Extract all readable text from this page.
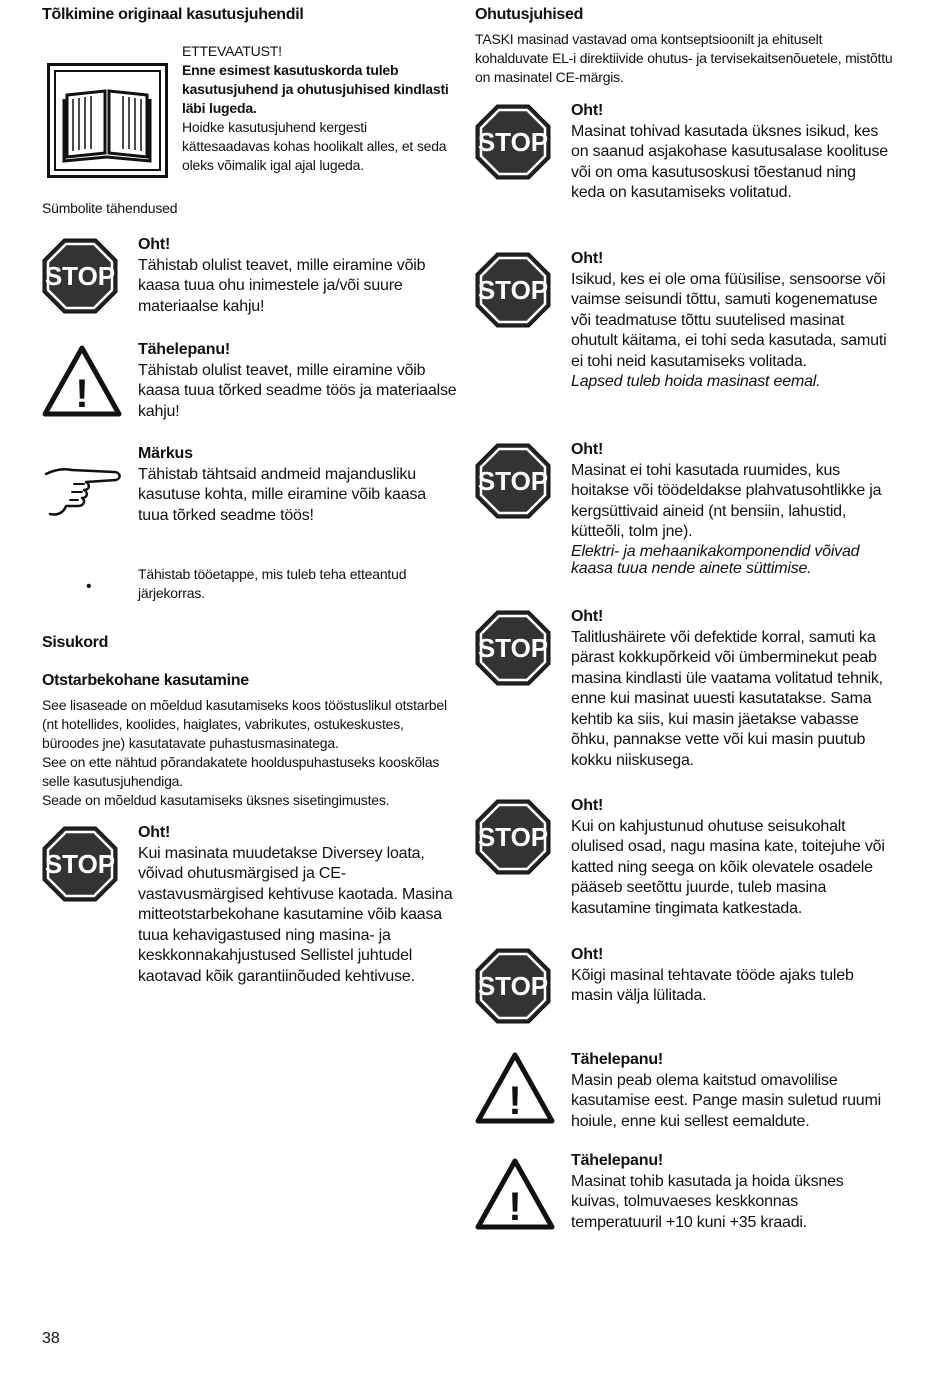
Tõlkimine originaal kasutusjuhendil

ETTEVAATUST!

Enne esimest kasutuskorda tuleb kasutusjuhend ja ohutusjuhised kindlasti läbi lugeda.

Hoidke kasutusjuhend kergesti kättesaadavas kohas hoolikalt alles, et seda oleks võimalik igal ajal lugeda.

Sümbolite tähendused
STOP

Oht!

Tähistab olulist teavet, mille eiramine võib kaasa tuua ohu inimestele ja/või suure materiaalse kahju!

!

Tähelepanu!

Tähistab olulist teavet, mille eiramine võib kaasa tuua tõrked seadme töös ja materiaalse kahju!

Märkus

Tähistab tähtsaid andmeid majandusliku kasutuse kohta, mille eiramine võib kaasa tuua tõrked seadme töös!

•
Tähistab tööetappe, mis tuleb teha etteantud järjekorras.
Sisukord
Otstarbekohane kasutamine

See lisaseade on mõeldud kasutamiseks koos tööstuslikul otstarbel (nt hotellides, koolides, haiglates, vabrikutes, ostukeskustes, büroodes jne) kasutatavate puhastusmasinatega.

See on ette nähtud põrandakatete hoolduspuhastuseks kooskõlas selle kasutusjuhendiga.

Seade on mõeldud kasutamiseks üksnes sisetingimustes.

STOP

Oht!

Kui masinata muudetakse Diversey loata, võivad ohutusmärgised ja CE-vastavusmärgised kehtivuse kaotada. Masina mitteotstarbekohane kasutamine võib kaasa tuua kehavigastused ning masina- ja keskkonnakahjustused Sellistel juhtudel kaotavad kõik garantiinõuded kehtivuse.

38
Ohutusjuhised
TASKI masinad vastavad oma kontseptsioonilt ja ehituselt kohalduvate EL-i direktiivide ohutus- ja tervisekaitsenõuetele, mistõttu on masinatel CE-märgis.
STOP

Oht!

Masinat tohivad kasutada üksnes isikud, kes on saanud asjakohase kasutusalase koolituse või on oma kasutusoskusi tõestanud ning keda on kasutamiseks volitatud.

STOP

Oht!

Isikud, kes ei ole oma füüsilise, sensoorse või vaimse seisundi tõttu, samuti kogenematuse või teadmatuse tõttu suutelised masinat ohutult käitama, ei tohi seda kasutada, samuti ei tohi neid kasutamiseks volitada.

Lapsed tuleb hoida masinast eemal.

STOP

Oht!

Masinat ei tohi kasutada ruumides, kus hoitakse või töödeldakse plahvatusohtlikke ja kergsüttivaid aineid (nt bensiin, lahustid, kütteõli, tolm jne).

Elektri- ja mehaanikakomponendid võivad kaasa tuua nende ainete süttimise.

STOP

Oht!

Talitlushäirete või defektide korral, samuti ka pärast kokkupõrkeid või ümberminekut peab masina kindlasti üle vaatama volitatud tehnik, enne kui masinat uuesti kasutatakse. Sama kehtib ka siis, kui masin jäetakse vabasse õhku, pannakse vette või kui masin puutub kokku niiskusega.

STOP

Oht!

Kui on kahjustunud ohutuse seisukohalt olulised osad, nagu masina kate, toitejuhe või katted ning seega on kõik olevatele osadele pääseb seetõttu juurde, tuleb masina kasutamine tingimata katkestada.

STOP

Oht!

Kõigi masinal tehtavate tööde ajaks tuleb masin välja lülitada.

!

Tähelepanu!

Masin peab olema kaitstud omavolilise kasutamise eest. Pange masin suletud ruumi hoiule, enne kui sellest eemaldute.

!

Tähelepanu!

Masinat tohib kasutada ja hoida üksnes kuivas, tolmuvaeses keskkonnas temperatuuril +10 kuni +35 kraadi.
